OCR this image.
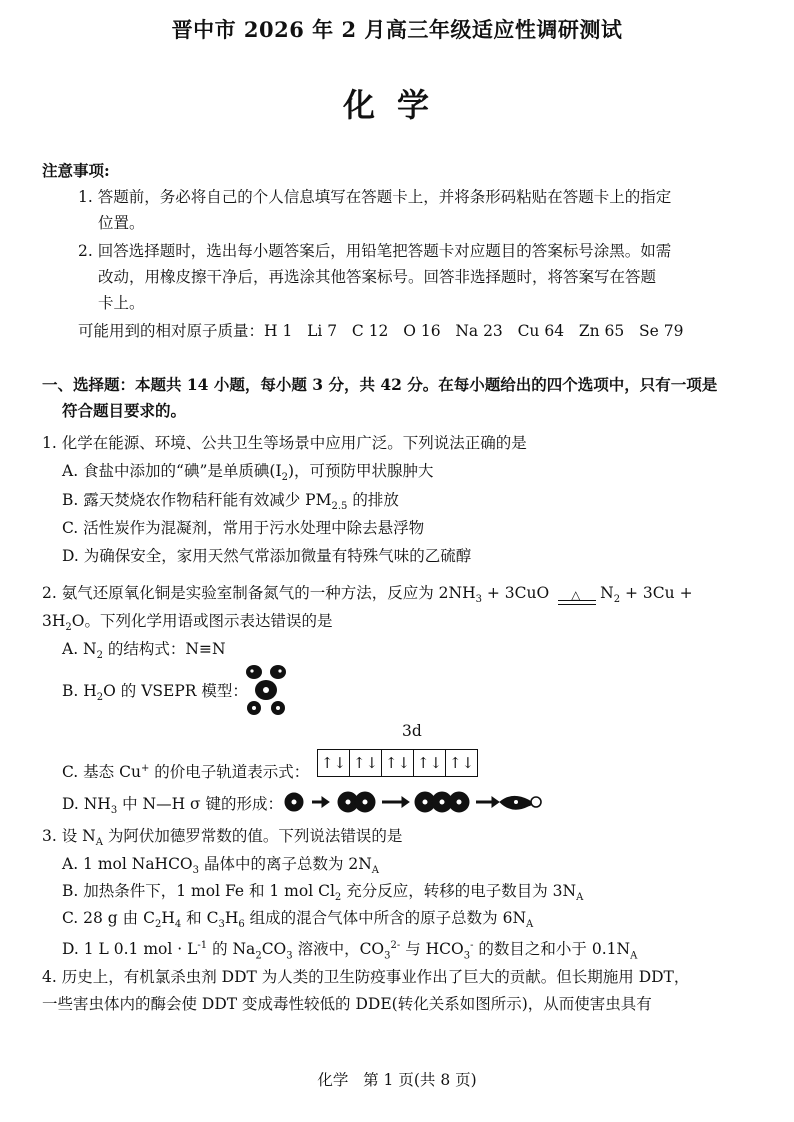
晋中市 2026 年 2 月高三年级适应性调研测试
化学
注意事项:
1. 答题前，务必将自己的个人信息填写在答题卡上，并将条形码粘贴在答题卡上的指定
位置。
2. 回答选择题时，选出每小题答案后，用铅笔把答题卡对应题目的答案标号涂黑。如需
改动，用橡皮擦干净后，再选涂其他答案标号。回答非选择题时，将答案写在答题
卡上。
可能用到的相对原子质量：H 1   Li 7   C 12   O 16   Na 23   Cu 64   Zn 65   Se 79
一、选择题：本题共 14 小题，每小题 3 分，共 42 分。在每小题给出的四个选项中，只有一项是
符合题目要求的。
1. 化学在能源、环境、公共卫生等场景中应用广泛。下列说法正确的是
A. 食盐中添加的“碘”是单质碘$(I_2)$，可预防甲状腺肿大
B. 露天焚烧农作物秸秆能有效减少 $PM_{2.5}$ 的排放
C. 活性炭作为混凝剂，常用于污水处理中除去悬浮物
D. 为确保安全，家用天然气常添加微量有特殊气味的乙硫醇
2. 氨气还原氧化铜是实验室制备氮气的一种方法，反应为 $2NH_3 + 3CuO$ △ $N_2 + 3Cu$ +
$3H_2O$。下列化学用语或图示表达错误的是
A. $N_2$ 的结构式：N≡N
B. $H_2O$ 的 VSEPR 模型：
3d
C. 基态 Cu+ 的价电子轨道表示式：
↑↓ ↑↓ ↑↓ ↑↓ ↑↓
D. $NH_3$ 中 N—H σ 键的形成：
3. 设 $N_A$ 为阿伏加德罗常数的值。下列说法错误的是
A. 1 mol NaHCO$_3$ 晶体中的离子总数为 $2N_A$
B. 加热条件下，1 mol Fe 和 1 mol $Cl_2$ 充分反应，转移的电子数目为 $3N_A$
C. 28 g 由 $C_2H_4$ 和 $C_3H_6$ 组成的混合气体中所含的原子总数为 $6N_A$
D. 1 L 0.1 mol · $L^{-1}$ 的 $Na_2CO_3$ 溶液中，$CO_3^{2-}$ 与 $HCO_3^-$ 的数目之和小于 $0.1N_A$
4. 历史上，有机氯杀虫剂 DDT 为人类的卫生防疫事业作出了巨大的贡献。但长期施用 DDT，
一些害虫体内的酶会使 DDT 变成毒性较低的 DDE(转化关系如图所示)，从而使害虫具有
化学   第 1 页(共 8 页)
